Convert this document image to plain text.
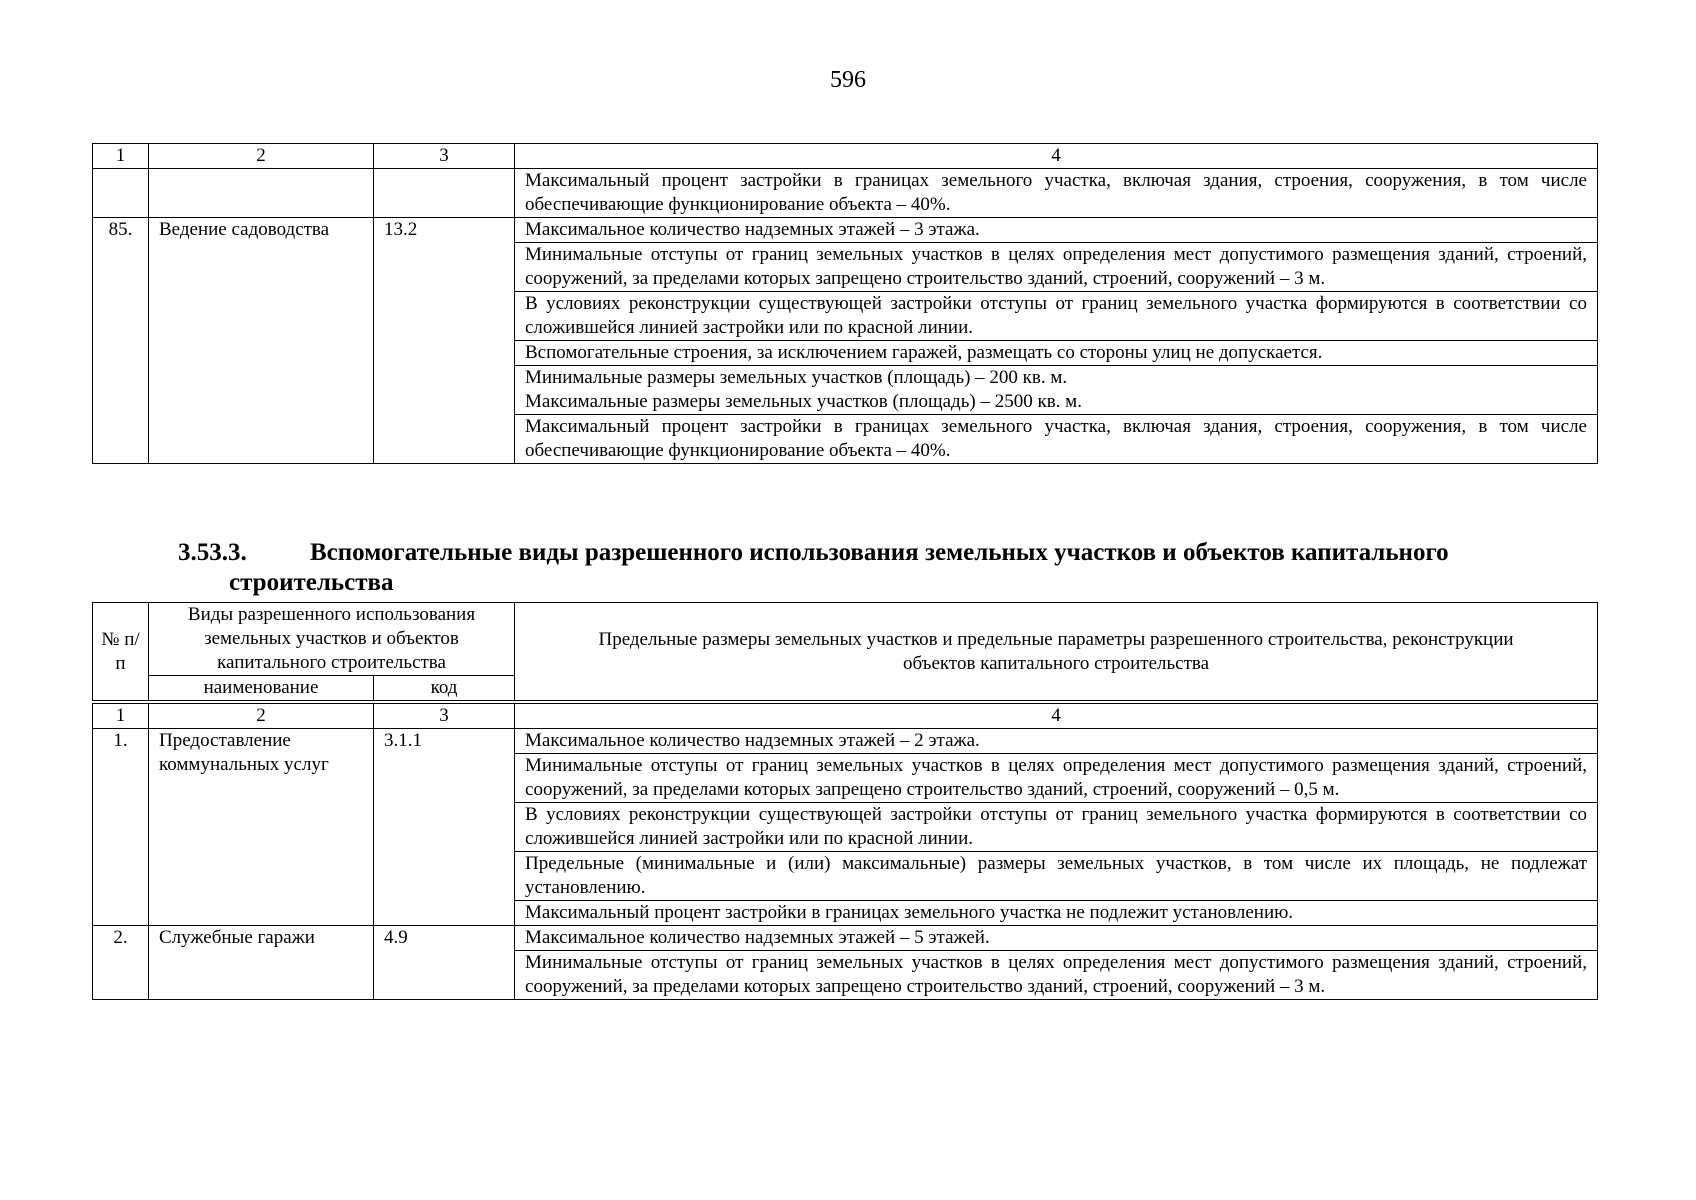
596
1	2	3	4
			Максимальный процент застройки в границах земельного участка, включая здания, строения, сооружения, в том числе обеспечивающие функционирование объекта – 40%.
85.	Ведение садоводства	13.2	Максимальное количество надземных этажей – 3 этажа.
			Минимальные отступы от границ земельных участков в целях определения мест допустимого размещения зданий, строений, сооружений, за пределами которых запрещено строительство зданий, строений, сооружений – 3 м.
			В условиях реконструкции существующей застройки отступы от границ земельного участка формируются в соответствии со сложившейся линией застройки или по красной линии.
			Вспомогательные строения, за исключением гаражей, размещать со стороны улиц не допускается.

			Минимальные размеры земельных участков (площадь) – 200 кв. м.
Максимальные размеры земельных участков (площадь) – 2500 кв. м.

			Максимальный процент застройки в границах земельного участка, включая здания, строения, сооружения, в том числе обеспечивающие функционирование объекта – 40%.
3.53.3.	Вспомогательные виды разрешенного использования земельных участков и объектов капитального
строительства
№ п/п	Виды разрешенного использования земельных участков и объектов капитального строительства		Предельные размеры земельных участков и предельные параметры разрешенного строительства, реконструкции объектов капитального строительства
	наименование	код	
1	2	3	4
1.	Предоставление коммунальных услуг	3.1.1	Максимальное количество надземных этажей – 2 этажа.
			Минимальные отступы от границ земельных участков в целях определения мест допустимого размещения зданий, строений, сооружений, за пределами которых запрещено строительство зданий, строений, сооружений – 0,5 м.
			В условиях реконструкции существующей застройки отступы от границ земельного участка формируются в соответствии со сложившейся линией застройки или по красной линии.
			Предельные (минимальные и (или) максимальные) размеры земельных участков, в том числе их площадь, не подлежат установлению.
			Максимальный процент застройки в границах земельного участка не подлежит установлению.
2.	Служебные гаражи	4.9	Максимальное количество надземных этажей – 5 этажей.
			Минимальные отступы от границ земельных участков в целях определения мест допустимого размещения зданий, строений, сооружений, за пределами которых запрещено строительство зданий, строений, сооружений – 3 м.
